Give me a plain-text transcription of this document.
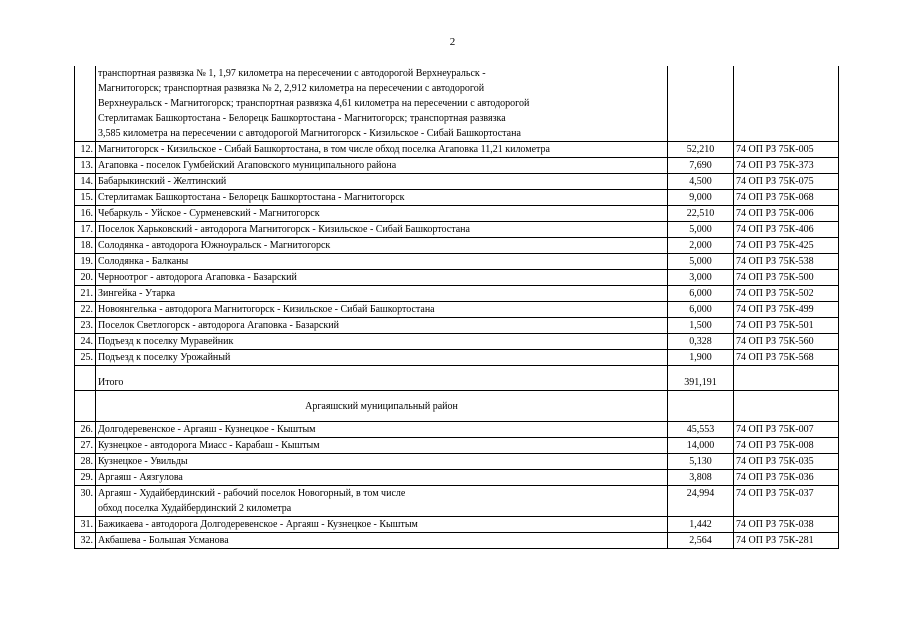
2
	транспортная развязка № 1, 1,97 километра на пересечении с автодорогой Верхнеуральск -		
	Магнитогорск; транспортная развязка № 2, 2,912 километра на пересечении с автодорогой		
	Верхнеуральск - Магнитогорск; транспортная развязка 4,61 километра на пересечении с автодорогой		
	Стерлитамак Башкортостана - Белорецк Башкортостана - Магнитогорск; транспортная развязка		
	3,585 километра на пересечении с автодорогой Магнитогорск - Кизильское - Сибай Башкортостана		
12.	Магнитогорск - Кизильское - Сибай Башкортостана, в том числе обход поселка Агаповка 11,21 километра	52,210	74 ОП РЗ 75К-005
13.	Агаповка - поселок Гумбейский Агаповского муниципального района	7,690	74 ОП РЗ 75К-373
14.	Бабарыкинский - Желтинский	4,500	74 ОП РЗ 75К-075
15.	Стерлитамак Башкортостана - Белорецк Башкортостана - Магнитогорск	9,000	74 ОП РЗ 75К-068
16.	Чебаркуль - Уйское - Сурменевский - Магнитогорск	22,510	74 ОП РЗ 75К-006
17.	Поселок Харьковский - автодорога Магнитогорск - Кизильское - Сибай Башкортостана	5,000	74 ОП РЗ 75К-406
18.	Солодянка - автодорога Южноуральск - Магнитогорск	2,000	74 ОП РЗ 75К-425
19.	Солодянка - Балканы	5,000	74 ОП РЗ 75К-538
20.	Черноотрог - автодорога Агаповка - Базарский	3,000	74 ОП РЗ 75К-500
21.	Зингейка - Утарка	6,000	74 ОП РЗ 75К-502
22.	Новоянгелька - автодорога Магнитогорск - Кизильское - Сибай Башкортостана	6,000	74 ОП РЗ 75К-499
23.	Поселок Светлогорск - автодорога Агаповка - Базарский	1,500	74 ОП РЗ 75К-501
24.	Подъезд к поселку Муравейник	0,328	74 ОП РЗ 75К-560
25.	Подъезд к поселку Урожайный	1,900	74 ОП РЗ 75К-568
	Итого	391,191	
	Аргаяшский муниципальный район		
26.	Долгодеревенское - Аргаяш - Кузнецкое - Кыштым	45,553	74 ОП РЗ 75К-007
27.	Кузнецкое - автодорога Миасс - Карабаш - Кыштым	14,000	74 ОП РЗ 75К-008
28.	Кузнецкое - Увильды	5,130	74 ОП РЗ 75К-035
29.	Аргаяш - Аязгулова	3,808	74 ОП РЗ 75К-036
30.	Аргаяш - Худайбердинский - рабочий поселок Новогорный, в том числе
обход поселка Худайбердинский 2 километра	24,994	74 ОП РЗ 75К-037
31.	Бажикаева - автодорога Долгодеревенское - Аргаяш - Кузнецкое - Кыштым	1,442	74 ОП РЗ 75К-038
32.	Акбашева - Большая Усманова	2,564	74 ОП РЗ 75К-281
